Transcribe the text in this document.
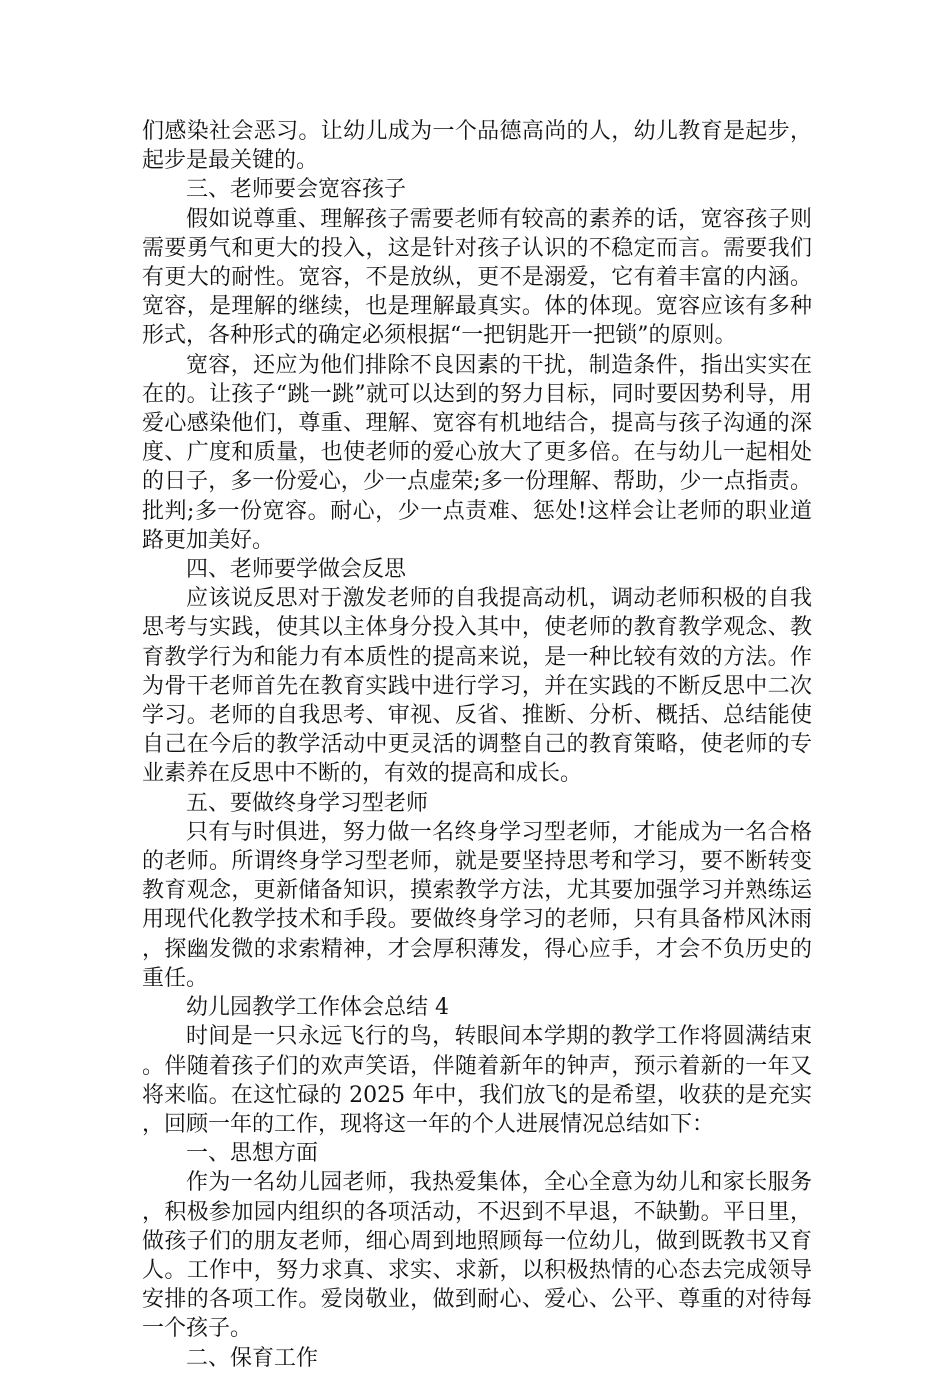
们感染社会恶习。让幼儿成为一个品德高尚的人，幼儿教育是起步，起步是最关键的。

三、老师要会宽容孩子

假如说尊重、理解孩子需要老师有较高的素养的话，宽容孩子则需要勇气和更大的投入，这是针对孩子认识的不稳定而言。需要我们有更大的耐性。宽容，不是放纵，更不是溺爱，它有着丰富的内涵。宽容，是理解的继续，也是理解最真实。体的体现。宽容应该有多种形式，各种形式的确定必须根据“一把钥匙开一把锁”的原则。

宽容，还应为他们排除不良因素的干扰，制造条件，指出实实在在的。让孩子“跳一跳”就可以达到的努力目标，同时要因势利导，用爱心感染他们，尊重、理解、宽容有机地结合，提高与孩子沟通的深度、广度和质量，也使老师的爱心放大了更多倍。在与幼儿一起相处的日子，多一份爱心，少一点虚荣;多一份理解、帮助，少一点指责。批判;多一份宽容。耐心，少一点责难、惩处!这样会让老师的职业道路更加美好。

四、老师要学做会反思

应该说反思对于激发老师的自我提高动机，调动老师积极的自我思考与实践，使其以主体身分投入其中，使老师的教育教学观念、教育教学行为和能力有本质性的提高来说，是一种比较有效的方法。作为骨干老师首先在教育实践中进行学习，并在实践的不断反思中二次学习。老师的自我思考、审视、反省、推断、分析、概括、总结能使自己在今后的教学活动中更灵活的调整自己的教育策略，使老师的专业素养在反思中不断的，有效的提高和成长。

五、要做终身学习型老师

只有与时俱进，努力做一名终身学习型老师，才能成为一名合格的老师。所谓终身学习型老师，就是要坚持思考和学习，要不断转变教育观念，更新储备知识，摸索教学方法，尤其要加强学习并熟练运用现代化教学技术和手段。要做终身学习的老师，只有具备栉风沐雨，探幽发微的求索精神，才会厚积薄发，得心应手，才会不负历史的重任。

幼儿园教学工作体会总结 4

时间是一只永远飞行的鸟，转眼间本学期的教学工作将圆满结束。伴随着孩子们的欢声笑语，伴随着新年的钟声，预示着新的一年又将来临。在这忙碌的 2025 年中，我们放飞的是希望，收获的是充实，回顾一年的工作，现将这一年的个人进展情况总结如下：

一、思想方面

作为一名幼儿园老师，我热爱集体，全心全意为幼儿和家长服务，积极参加园内组织的各项活动，不迟到不早退，不缺勤。平日里，做孩子们的朋友老师，细心周到地照顾每一位幼儿，做到既教书又育人。工作中，努力求真、求实、求新，以积极热情的心态去完成领导安排的各项工作。爱岗敬业，做到耐心、爱心、公平、尊重的对待每一个孩子。

二、保育工作
